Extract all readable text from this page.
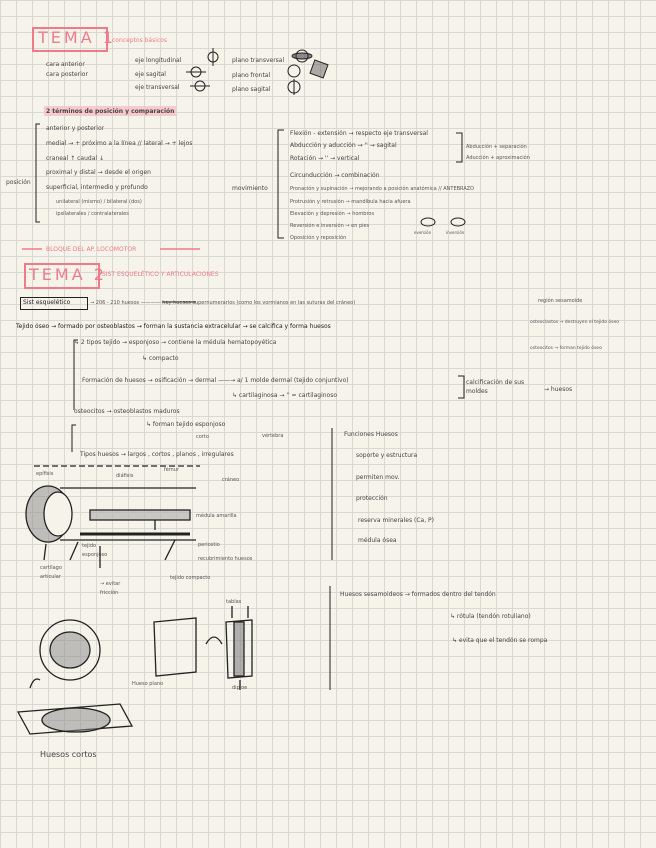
TEMA 1
conceptos básicos
cara anterior
cara posterior
eje longitudinal
eje sagital
eje transversal
plano transversal
plano frontal
plano sagital
2 términos de posición y comparación
posición
anterior y posterior
medial → + próximo a la línea // lateral → + lejos
craneal ↑ caudal ↓
proximal y distal → desde el origen
superficial, intermedio y profundo
unilateral (mismo) / bilateral (dos)
ipsilaterales / contralaterales
movimiento
Flexión - extensión → respecto eje transversal
Abducción y aducción → '' → sagital
Rotación → '' → vertical
Circunducción → combinación
Pronación y supinación → mejorando a posición anatómica // ANTEBRAZO
Protrusión y retrusión → mandíbula hacia afuera
Elevación y depresión → hombros
Reversión e inversión → en pies
Oposición y reposición
Abducción + separación
Aducción + aproximación
eversión	inversión
BLOQUE DEL AP. LOCOMOTOR
TEMA 2
SIST ESQUELÉTICO Y ARTICULACIONES
Sist esquelético	→ 206 - 210 huesos ———— hay huesos supernumerarios (como los vormianos en las suturas del cráneo)	región sesamoide
osteoclastos → destruyen el tejido óseo
osteocitos → forman tejido óseo
Tejido óseo → formado por osteoblastos → forman la sustancia extracelular → se calcifica y forma huesos
↳ 2 tipos tejido → esponjoso → contiene la médula hematopoyética
↳ compacto
Formación de huesos → osificación → dermal ——→ a/ 1 molde dermal (tejido conjuntivo)
↳ cartilaginosa → '' = cartilaginoso
calcificación de sus moldes	→ huesos
osteocitos → osteoblastos maduros
↳ forman tejido esponjoso
Tipos huesos → largos , cortos , planos , irregulares
corto	vértebra
fémur
cráneo
Funciones Huesos
soporte y estructura
permiten mov.
protección
reserva minerales (Ca, P)
médula ósea
epífisis	diáfisis
médula amarilla
tejido esponjoso
periostio
recubrimiento huesos
cartílago articular
→ evitar fricción
tejido compacto
tablas
diploe
Hueso plano
Huesos cortos
Huesos sesamoideos → formados dentro del tendón
↳ rótula (tendón rotuliano)
↳ evita que el tendón se rompa
